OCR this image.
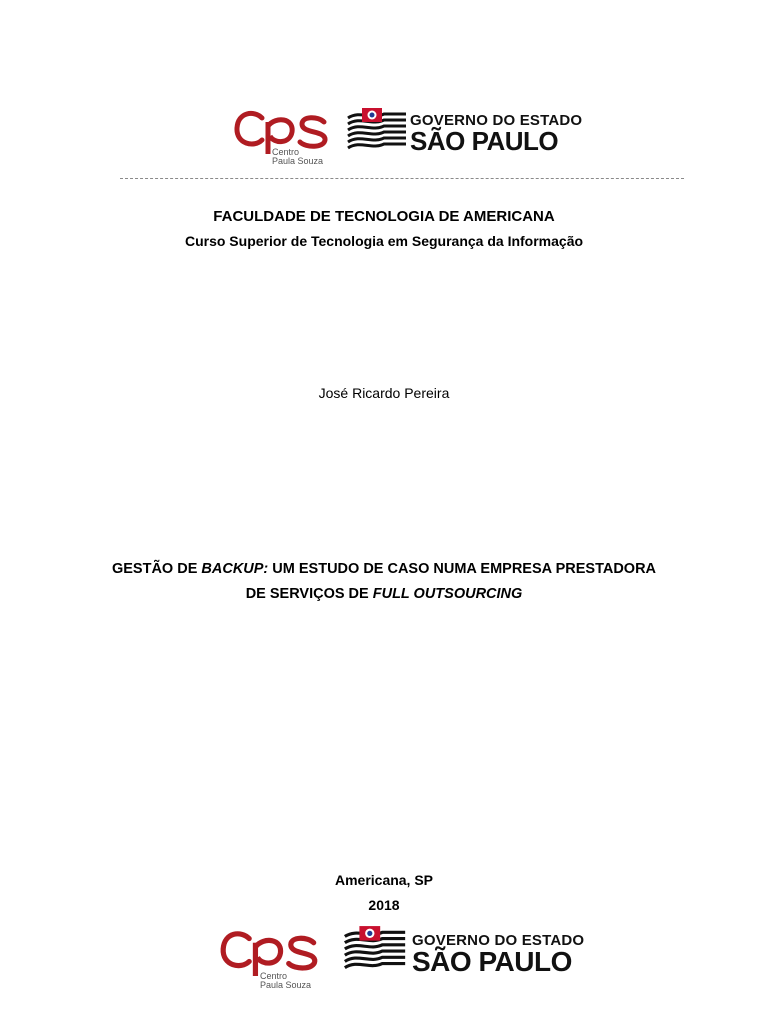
Centro
Paula Souza
GOVERNO DO ESTADO
SÃO PAULO
FACULDADE DE TECNOLOGIA DE AMERICANA
Curso Superior de Tecnologia em Segurança da Informação
José Ricardo Pereira
GESTÃO DE BACKUP: UM ESTUDO DE CASO NUMA EMPRESA PRESTADORA
DE SERVIÇOS DE FULL OUTSOURCING
Americana, SP
2018
Centro
Paula Souza
GOVERNO DO ESTADO
SÃO PAULO
